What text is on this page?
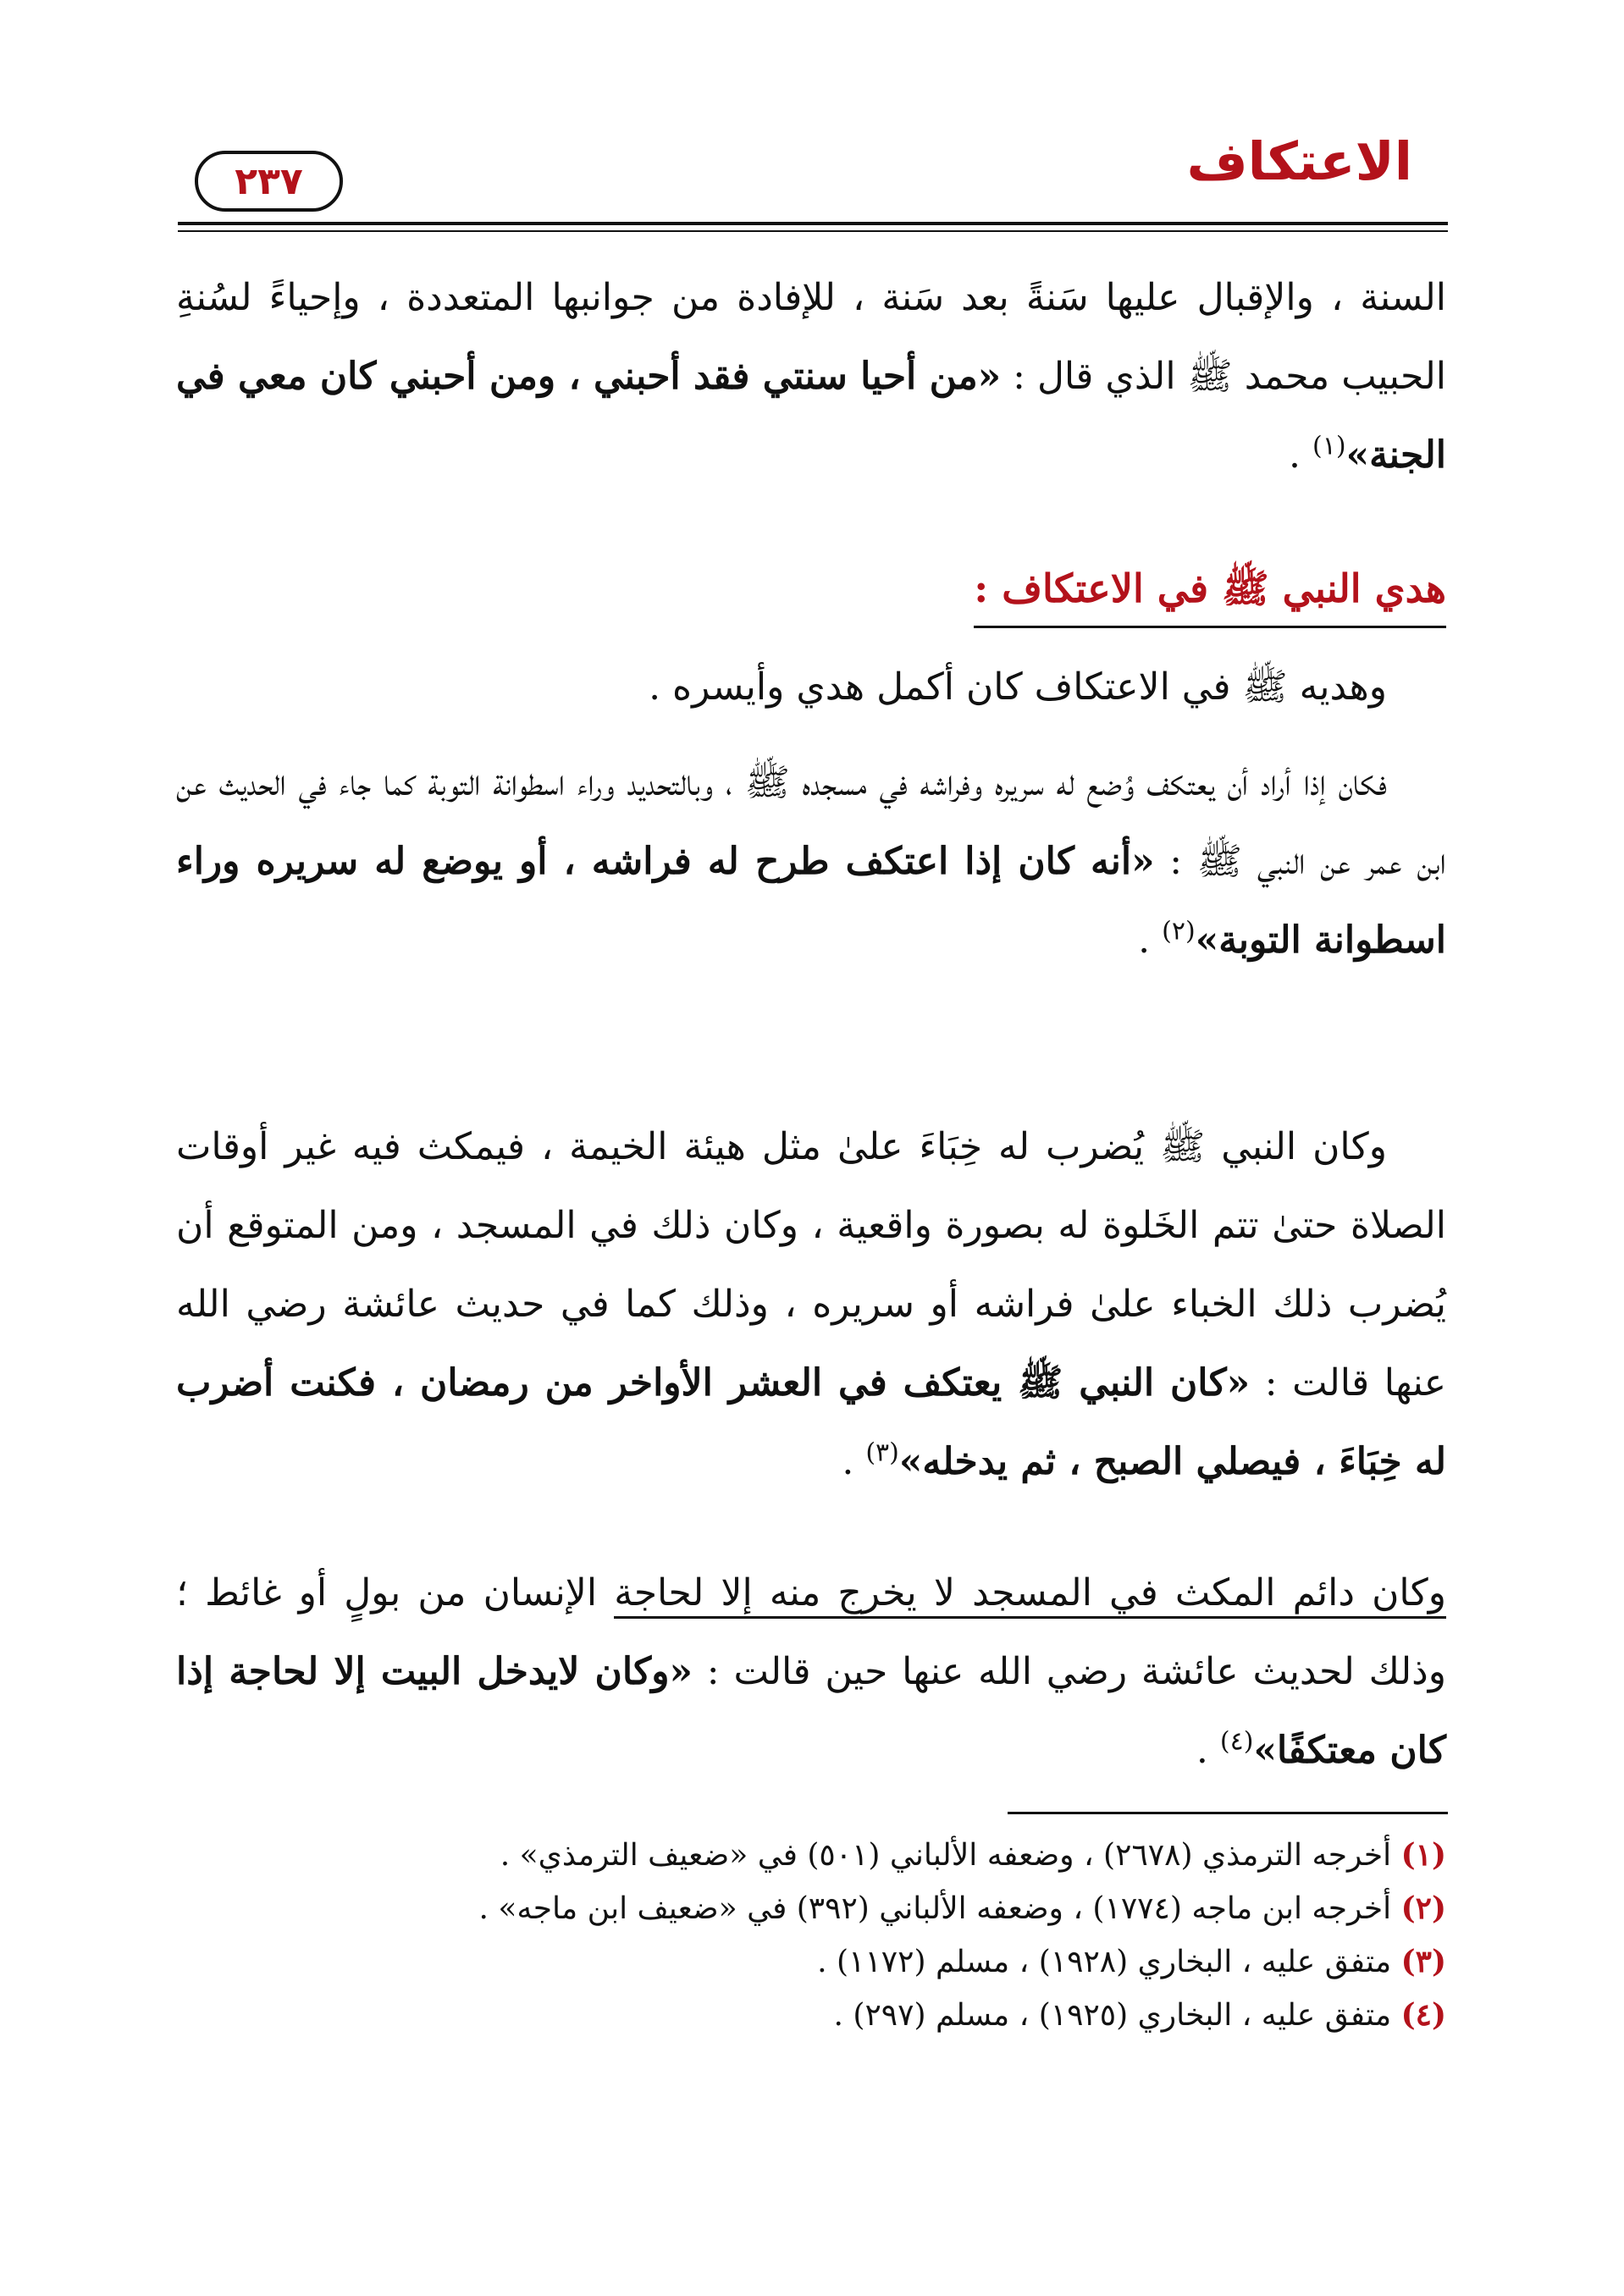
الاعتكاف
٢٣٧
السنة ، والإقبال عليها سَنةً بعد سَنة ، للإفادة من جوانبها المتعددة ، وإحياءً لسُنةِ الحبيب محمد ﷺ الذي قال : «من أحيا سنتي فقد أحبني ، ومن أحبني كان معي في الجنة»$^{(١)}$ .
هدي النبي ﷺ في الاعتكاف :
وهديه ﷺ في الاعتكاف كان أكمل هدي وأيسره .
فكان إذا أراد أن يعتكف وُضع له سريره وفراشه في مسجده ﷺ ، وبالتحديد وراء اسطوانة التوبة كما جاء في الحديث عن ابن عمر عن النبي ﷺ : «أنه كان إذا اعتكف طرح له فراشه ، أو يوضع له سريره وراء اسطوانة التوبة»$^{(٢)}$ .
وكان النبي ﷺ يُضرب له خِبَاءَ علىٰ مثل هيئة الخيمة ، فيمكث فيه غير أوقات الصلاة حتىٰ تتم الخَلوة له بصورة واقعية ، وكان ذلك في المسجد ، ومن المتوقع أن يُضرب ذلك الخباء علىٰ فراشه أو سريره ، وذلك كما في حديث عائشة رضي الله عنها قالت : «كان النبي ﷺ يعتكف في العشر الأواخر من رمضان ، فكنت أضرب له خِبَاءَ ، فيصلي الصبح ، ثم يدخله»$^{(٣)}$ .
وكان دائم المكث في المسجد لا يخرج منه إلا لحاجة الإنسان من بولٍ أو غائط ؛ وذلك لحديث عائشة رضي الله عنها حين قالت : «وكان لايدخل البيت إلا لحاجة إذا كان معتكفًا»$^{(٤)}$ .
(١) أخرجه الترمذي (٢٦٧٨) ، وضعفه الألباني (٥٠١) في «ضعيف الترمذي» .
(٢) أخرجه ابن ماجه (١٧٧٤) ، وضعفه الألباني (٣٩٢) في «ضعيف ابن ماجه» .
(٣) متفق عليه ، البخاري (١٩٢٨) ، مسلم (١١٧٢) .
(٤) متفق عليه ، البخاري (١٩٢٥) ، مسلم (٢٩٧) .
